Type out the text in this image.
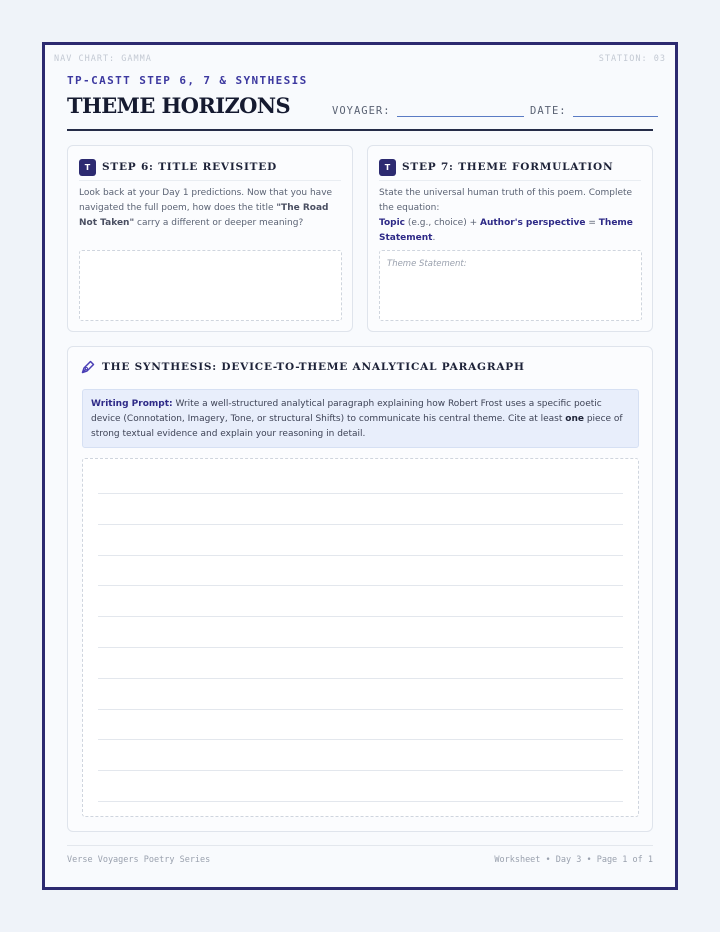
NAV CHART: GAMMA	STATION: 03
TP-CASTT STEP 6, 7 & SYNTHESIS
THEME HORIZONS	VOYAGER:	DATE:
T	STEP 6: TITLE REVISITED
Look back at your Day 1 predictions. Now that you have navigated the full poem, how does the title "The Road Not Taken" carry a different or deeper meaning?
T	STEP 7: THEME FORMULATION
State the universal human truth of this poem. Complete the equation:
Topic (e.g., choice) + Author's perspective = Theme Statement.
Theme Statement:
THE SYNTHESIS: DEVICE-TO-THEME ANALYTICAL PARAGRAPH
Writing Prompt: Write a well-structured analytical paragraph explaining how Robert Frost uses a specific poetic device (Connotation, Imagery, Tone, or structural Shifts) to communicate his central theme. Cite at least one piece of strong textual evidence and explain your reasoning in detail.
Verse Voyagers Poetry Series	Worksheet • Day 3 • Page 1 of 1
